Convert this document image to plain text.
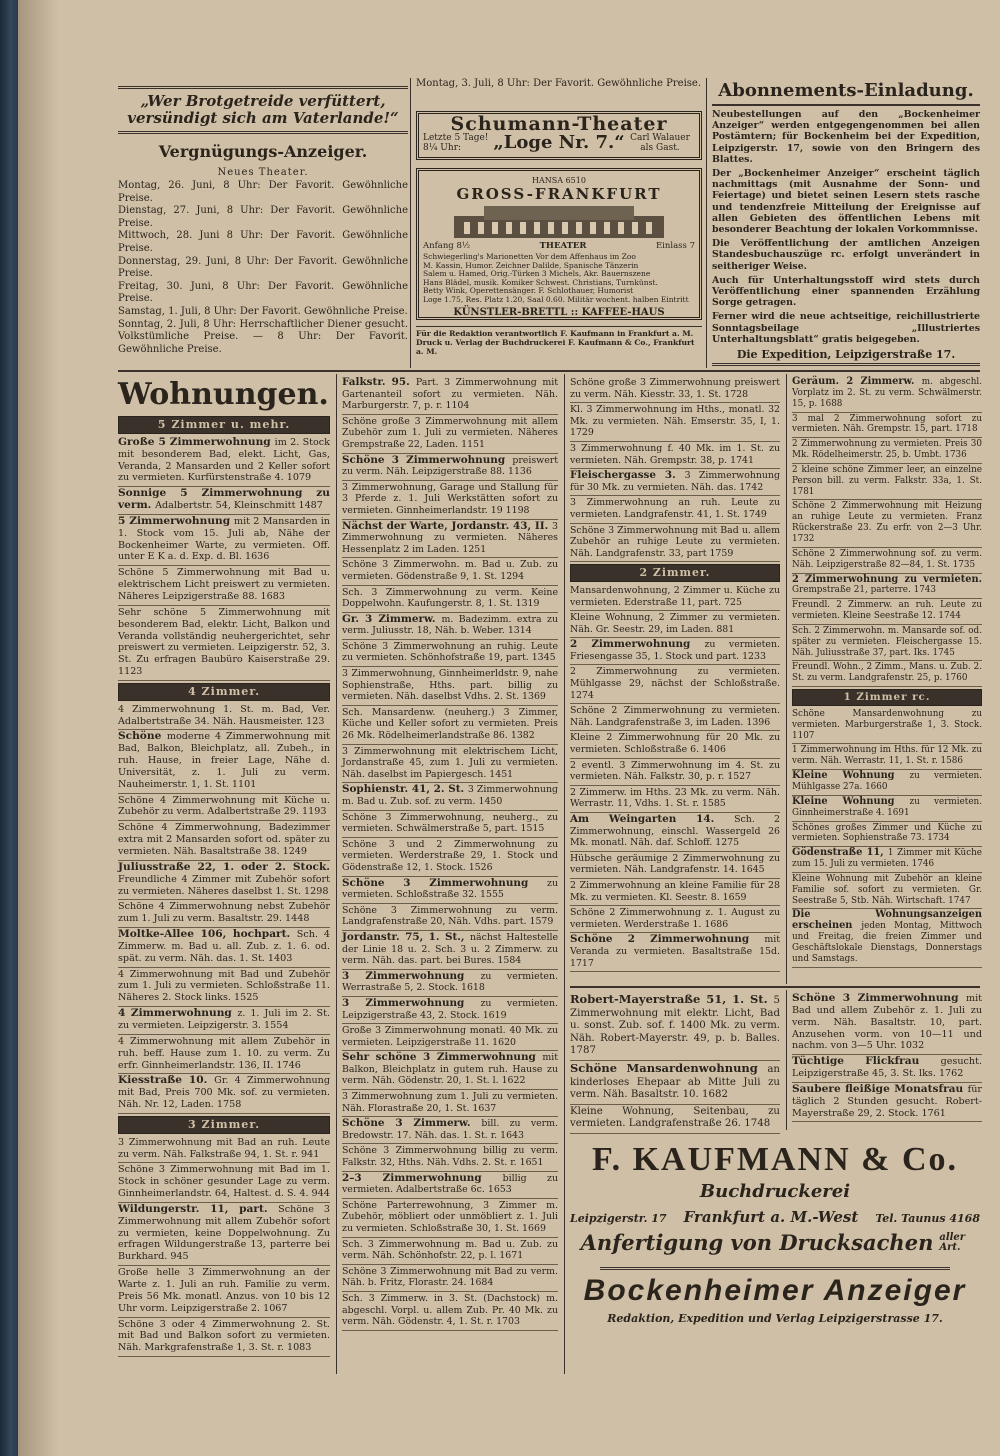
„Wer Brotgetreide verfüttert, versündigt sich am Vaterlande!“
Vergnügungs-Anzeiger.
Neues Theater.
Montag, 26. Juni, 8 Uhr: Der Favorit. Gewöhnliche Preise.
Dienstag, 27. Juni, 8 Uhr: Der Favorit. Gewöhnliche Preise.
Mittwoch, 28. Juni 8 Uhr: Der Favorit. Gewöhnliche Preise.
Donnerstag, 29. Juni, 8 Uhr: Der Favorit. Gewöhnliche Preise.
Freitag, 30. Juni, 8 Uhr: Der Favorit. Gewöhnliche Preise.
Samstag, 1. Juli, 8 Uhr: Der Favorit. Gewöhnliche Preise.
Sonntag, 2. Juli, 8 Uhr: Herrschaftlicher Diener gesucht. Volkstümliche Preise. — 8 Uhr: Der Favorit. Gewöhnliche Preise.
Montag, 3. Juli, 8 Uhr: Der Favorit. Gewöhnliche Preise.
Schumann-Theater
Letzte 5 Tage! 8¼ Uhr:	„Loge Nr. 7.“ Carl Walauer als Gast.
HANSA 6510
GROSS-FRANKFURT
Anfang 8½	THEATER	Einlass 7
Schwiegerling's Marionetten Vor dem Affenhaus im Zoo
M. Kassin, Humor. Zeichner Dalilde, Spanische Tänzerin
Salem u. Hamed, Orig.-Türken 3 Michels, Akr. Bauernszene
Hans Blädel, musik. Komiker Schwest. Christians, Turnkünst.
Betty Wink, Operettensänger. F. Schlothauer, Humorist
Loge 1.75, Res. Platz 1.20, Saal 0.60. Militär wochent. halben Eintritt
KÜNSTLER-BRETTL :: KAFFEE-HAUS
Für die Redaktion verantwortlich F. Kaufmann in Frankfurt a. M.
Druck u. Verlag der Buchdruckerei F. Kaufmann & Co., Frankfurt a. M.
Abonnements-Einladung.

Neubestellungen auf den „Bockenheimer Anzeiger“ werden entgegengenommen bei allen Postämtern; für Bockenheim bei der Expedition, Leipzigerstr. 17, sowie von den Bringern des Blattes.

Der „Bockenheimer Anzeiger“ erscheint täglich nachmittags (mit Ausnahme der Sonn- und Feiertage) und bietet seinen Lesern stets rasche und tendenzfreie Mitteilung der Ereignisse auf allen Gebieten des öffentlichen Lebens mit besonderer Beachtung der lokalen Vorkommnisse.

Die Veröffentlichung der amtlichen Anzeigen Standesbuchauszüge rc. erfolgt unverändert in seitheriger Weise.

Auch für Unterhaltungsstoff wird stets durch Veröffentlichung einer spannenden Erzählung Sorge getragen.

Ferner wird die neue achtseitige, reichillustrierte Sonntagsbeilage „Illustriertes Unterhaltungsblatt“ gratis beigegeben.

Die Expedition, Leipzigerstraße 17.
Wohnungen.
5 Zimmer u. mehr.
Große 5 Zimmerwohnung im 2. Stock mit besonderem Bad, elekt. Licht, Gas, Veranda, 2 Mansarden und 2 Keller sofort zu vermieten. Kurfürstenstraße 4. 1079
Sonnige 5 Zimmerwohnung zu verm. Adalbertstr. 54, Kleinschmitt 1487
5 Zimmerwohnung mit 2 Mansarden in 1. Stock vom 15. Juli ab, Nähe der Bockenheimer Warte, zu vermieten. Off. unter E K a. d. Exp. d. Bl. 1636
Schöne 5 Zimmerwohnung mit Bad u. elektrischem Licht preiswert zu vermieten. Näheres Leipzigerstraße 88. 1683
Sehr schöne 5 Zimmerwohnung mit besonderem Bad, elektr. Licht, Balkon und Veranda vollständig neuhergerichtet, sehr preiswert zu vermieten. Leipzigerstr. 52, 3. St. Zu erfragen Baubüro Kaiserstraße 29. 1123
4 Zimmer.
4 Zimmerwohnung 1. St. m. Bad, Ver. Adalbertstraße 34. Näh. Hausmeister. 123
Schöne moderne 4 Zimmerwohnung mit Bad, Balkon, Bleichplatz, all. Zubeh., in ruh. Hause, in freier Lage, Nähe d. Universität, z. 1. Juli zu verm. Nauheimerstr. 1, 1. St. 1101
Schöne 4 Zimmerwohnung mit Küche u. Zubehör zu verm. Adalbertstraße 29. 1193
Schöne 4 Zimmerwohnung, Badezimmer extra mit 2 Mansarden sofort od. später zu vermieten. Näh. Basaltstraße 38. 1249
Juliusstraße 22, 1. oder 2. Stock. Freundliche 4 Zimmer mit Zubehör sofort zu vermieten. Näheres daselbst 1. St. 1298
Schöne 4 Zimmerwohnung nebst Zubehör zum 1. Juli zu verm. Basaltstr. 29. 1448
Moltke-Allee 106, hochpart. Sch. 4 Zimmerw. m. Bad u. all. Zub. z. 1. 6. od. spät. zu verm. Näh. das. 1. St. 1403
4 Zimmerwohnung mit Bad und Zubehör zum 1. Juli zu vermieten. Schloßstraße 11. Näheres 2. Stock links. 1525
4 Zimmerwohnung z. 1. Juli im 2. St. zu vermieten. Leipzigerstr. 3. 1554
4 Zimmerwohnung mit allem Zubehör in ruh. beff. Hause zum 1. 10. zu verm. Zu erfr. Ginnheimerlandstr. 136, II. 1746
Kiesstraße 10. Gr. 4 Zimmerwohnung mit Bad, Preis 700 Mk. sof. zu vermieten. Näh. Nr. 12, Laden. 1758
3 Zimmer.
3 Zimmerwohnung mit Bad an ruh. Leute zu verm. Näh. Falkstraße 94, 1. St. r. 941
Schöne 3 Zimmerwohnung mit Bad im 1. Stock in schöner gesunder Lage zu verm. Ginnheimerlandstr. 64, Haltest. d. S. 4. 944
Wildungerstr. 11, part. Schöne 3 Zimmerwohnung mit allem Zubehör sofort zu vermieten, keine Doppelwohnung. Zu erfragen Wildungerstraße 13, parterre bei Burkhard. 945
Große helle 3 Zimmerwohnung an der Warte z. 1. Juli an ruh. Familie zu verm. Preis 56 Mk. monatl. Anzus. von 10 bis 12 Uhr vorm. Leipzigerstraße 2. 1067
Schöne 3 oder 4 Zimmerwohnung 2. St. mit Bad und Balkon sofort zu vermieten. Näh. Markgrafenstraße 1, 3. St. r. 1083
Falkstr. 95. Part. 3 Zimmerwohnung mit Gartenanteil sofort zu vermieten. Näh. Marburgerstr. 7, p. r. 1104
Schöne große 3 Zimmerwohnung mit allem Zubehör zum 1. Juli zu vermieten. Näheres Grempstraße 22, Laden. 1151
Schöne 3 Zimmerwohnung preiswert zu verm. Näh. Leipzigerstraße 88. 1136
3 Zimmerwohnung, Garage und Stallung für 3 Pferde z. 1. Juli Werkstätten sofort zu vermieten. Ginnheimerlandstr. 19 1198
Nächst der Warte, Jordanstr. 43, II. 3 Zimmerwohnung zu vermieten. Näheres Hessenplatz 2 im Laden. 1251
Schöne 3 Zimmerwohn. m. Bad u. Zub. zu vermieten. Gödenstraße 9, 1. St. 1294
Sch. 3 Zimmerwohnung zu verm. Keine Doppelwohn. Kaufungerstr. 8, 1. St. 1319
Gr. 3 Zimmerw. m. Badezimm. extra zu verm. Juliusstr. 18, Näh. b. Weber. 1314
Schöne 3 Zimmerwohnung an ruhig. Leute zu vermieten. Schönhofstraße 19, part. 1345
3 Zimmerwohnung, Ginnheimerldstr. 9, nahe Sophienstraße, Hths. part. billig zu vermieten. Näh. daselbst Vdhs. 2. St. 1369
Sch. Mansardenw. (neuherg.) 3 Zimmer, Küche und Keller sofort zu vermieten. Preis 26 Mk. Rödelheimerlandstraße 86. 1382
3 Zimmerwohnung mit elektrischem Licht, Jordanstraße 45, zum 1. Juli zu vermieten. Näh. daselbst im Papiergesch. 1451
Sophienstr. 41, 2. St. 3 Zimmerwohnung m. Bad u. Zub. sof. zu verm. 1450
Schöne 3 Zimmerwohnung, neuherg., zu vermieten. Schwälmerstraße 5, part. 1515
Schöne 3 und 2 Zimmerwohnung zu vermieten. Werderstraße 29, 1. Stock und Gödenstraße 12, 1. Stock. 1526
Schöne 3 Zimmerwohnung zu vermieten. Schloßstraße 32. 1555
Schöne 3 Zimmerwohnung zu verm. Landgrafenstraße 20, Näh. Vdhs. part. 1579
Jordanstr. 75, 1. St., nächst Haltestelle der Linie 18 u. 2. Sch. 3 u. 2 Zimmerw. zu verm. Näh. das. part. bei Bures. 1584
3 Zimmerwohnung zu vermieten. Werrastraße 5, 2. Stock. 1618
3 Zimmerwohnung zu vermieten. Leipzigerstraße 43, 2. Stock. 1619
Große 3 Zimmerwohnung monatl. 40 Mk. zu vermieten. Leipzigerstraße 11. 1620
Sehr schöne 3 Zimmerwohnung mit Balkon, Bleichplatz in gutem ruh. Hause zu verm. Näh. Gödenstr. 20, 1. St. l. 1622
3 Zimmerwohnung zum 1. Juli zu vermieten. Näh. Florastraße 20, 1. St. 1637
Schöne 3 Zimmerw. bill. zu verm. Bredowstr. 17. Näh. das. 1. St. r. 1643
Schöne 3 Zimmerwohnung billig zu verm. Falkstr. 32, Hths. Näh. Vdhs. 2. St. r. 1651
2–3 Zimmerwohnung billig zu vermieten. Adalbertstraße 6c. 1653
Schöne Parterrewohnung, 3 Zimmer m. Zubehör, möbliert oder unmöbliert z. 1. Juli zu vermieten. Schloßstraße 30, 1. St. 1669
Sch. 3 Zimmerwohnung m. Bad u. Zub. zu verm. Näh. Schönhofstr. 22, p. l. 1671
Schöne 3 Zimmerwohnung mit Bad zu verm. Näh. b. Fritz, Florastr. 24. 1684
Sch. 3 Zimmerw. in 3. St. (Dachstock) m. abgeschl. Vorpl. u. allem Zub. Pr. 40 Mk. zu verm. Näh. Gödenstr. 4, 1. St. r. 1703
Schöne große 3 Zimmerwohnung preiswert zu verm. Näh. Kiesstr. 33, 1. St. 1728
Kl. 3 Zimmerwohnung im Hths., monatl. 32 Mk. zu vermieten. Näh. Emserstr. 35, I, 1. 1729
3 Zimmerwohnung f. 40 Mk. im 1. St. zu vermieten. Näh. Grempstr. 38, p. 1741
Fleischergasse 3. 3 Zimmerwohnung für 30 Mk. zu vermieten. Näh. das. 1742
3 Zimmerwohnung an ruh. Leute zu vermieten. Landgrafenstr. 41, 1. St. 1749
Schöne 3 Zimmerwohnung mit Bad u. allem Zubehör an ruhige Leute zu vermieten. Näh. Landgrafenstr. 33, part 1759
2 Zimmer.
Mansardenwohnung, 2 Zimmer u. Küche zu vermieten. Ederstraße 11, part. 725
Kleine Wohnung, 2 Zimmer zu vermieten. Näh. Gr. Seestr. 29, im Laden. 881
2 Zimmerwohnung zu vermieten. Friesengasse 35, 1. Stock und part. 1233
2 Zimmerwohnung zu vermieten. Mühlgasse 29, nächst der Schloßstraße. 1274
Schöne 2 Zimmerwohnung zu vermieten. Näh. Landgrafenstraße 3, im Laden. 1396
Kleine 2 Zimmerwohnung für 20 Mk. zu vermieten. Schloßstraße 6. 1406
2 eventl. 3 Zimmerwohnung im 4. St. zu vermieten. Näh. Falkstr. 30, p. r. 1527
2 Zimmerw. im Hths. 23 Mk. zu verm. Näh. Werrastr. 11, Vdhs. 1. St. r. 1585
Am Weingarten 14. Sch. 2 Zimmerwohnung, einschl. Wassergeld 26 Mk. monatl. Näh. daf. Schloff. 1275
Hübsche geräumige 2 Zimmerwohnung zu vermieten. Näh. Landgrafenstr. 14. 1645
2 Zimmerwohnung an kleine Familie für 28 Mk. zu vermieten. Kl. Seestr. 8. 1659
Schöne 2 Zimmerwohnung z. 1. August zu vermieten. Werderstraße 1. 1686
Schöne 2 Zimmerwohnung mit Veranda zu vermieten. Basaltstraße 15d. 1717
Geräum. 2 Zimmerw. m. abgeschl. Vorplatz im 2. St. zu verm. Schwälmerstr. 15, p. 1688
3 mal 2 Zimmerwohnung sofort zu vermieten. Näh. Grempstr. 15, part. 1718
2 Zimmerwohnung zu vermieten. Preis 30 Mk. Rödelheimerstr. 25, b. Umbt. 1736
2 kleine schöne Zimmer leer, an einzelne Person bill. zu verm. Falkstr. 33a, 1. St. 1781
Schöne 2 Zimmerwohnung mit Heizung an ruhige Leute zu vermieten. Franz Rückerstraße 23. Zu erfr. von 2—3 Uhr. 1732
Schöne 2 Zimmerwohnung sof. zu verm. Näh. Leipzigerstraße 82—84, 1. St. 1735
2 Zimmerwohnung zu vermieten. Grempstraße 21, parterre. 1743
Freundl. 2 Zimmerw. an ruh. Leute zu vermieten. Kleine Seestraße 12. 1744
Sch. 2 Zimmerwohn. m. Mansarde sof. od. später zu vermieten. Fleischergasse 15. Näh. Juliusstraße 37, part. Iks. 1745
Freundl. Wohn., 2 Zimm., Mans. u. Zub. 2. St. zu verm. Landgrafenstr. 25, p. 1760
1 Zimmer rc.
Schöne Mansardenwohnung zu vermieten. Marburgerstraße 1, 3. Stock. 1107
1 Zimmerwohnung im Hths. für 12 Mk. zu verm. Näh. Werrastr. 11, 1. St. r. 1586
Kleine Wohnung zu vermieten. Mühlgasse 27a. 1660
Kleine Wohnung zu vermieten. Ginnheimerstraße 4. 1691
Schönes großes Zimmer und Küche zu vermieten. Sophienstraße 73. 1734
Gödenstraße 11, 1 Zimmer mit Küche zum 15. Juli zu vermieten. 1746
Kleine Wohnung mit Zubehör an kleine Familie sof. sofort zu vermieten. Gr. Seestraße 5, Stb. Näh. Wirtschaft. 1747
Die Wohnungsanzeigen erscheinen jeden Montag, Mittwoch und Freitag, die freien Zimmer und Geschäftslokale Dienstags, Donnerstags und Samstags.
Robert-Mayerstraße 51, 1. St. 5 Zimmerwohnung mit elektr. Licht, Bad u. sonst. Zub. sof. f. 1400 Mk. zu verm. Näh. Robert-Mayerstr. 49, p. b. Balles. 1787
Schöne Mansardenwohnung an kinderloses Ehepaar ab Mitte Juli zu verm. Näh. Basaltstr. 10. 1682
Kleine Wohnung, Seitenbau, zu vermieten. Landgrafenstraße 26. 1748
Schöne 3 Zimmerwohnung mit Bad und allem Zubehör z. 1. Juli zu verm. Näh. Basaltstr. 10, part. Anzusehen vorm. von 10—11 und nachm. von 3—5 Uhr. 1032
Tüchtige Flickfrau gesucht. Leipzigerstraße 45, 3. St. lks. 1762
Saubere fleißige Monatsfrau für täglich 2 Stunden gesucht. Robert-Mayerstraße 29, 2. Stock. 1761
F. KAUFMANN & Co.
Buchdruckerei
Leipzigerstr. 17 Frankfurt a. M.-West Tel. Taunus 4168
Anfertigung von Drucksachen aller Art.
Bockenheimer Anzeiger
Redaktion, Expedition und Verlag Leipzigerstrasse 17.
